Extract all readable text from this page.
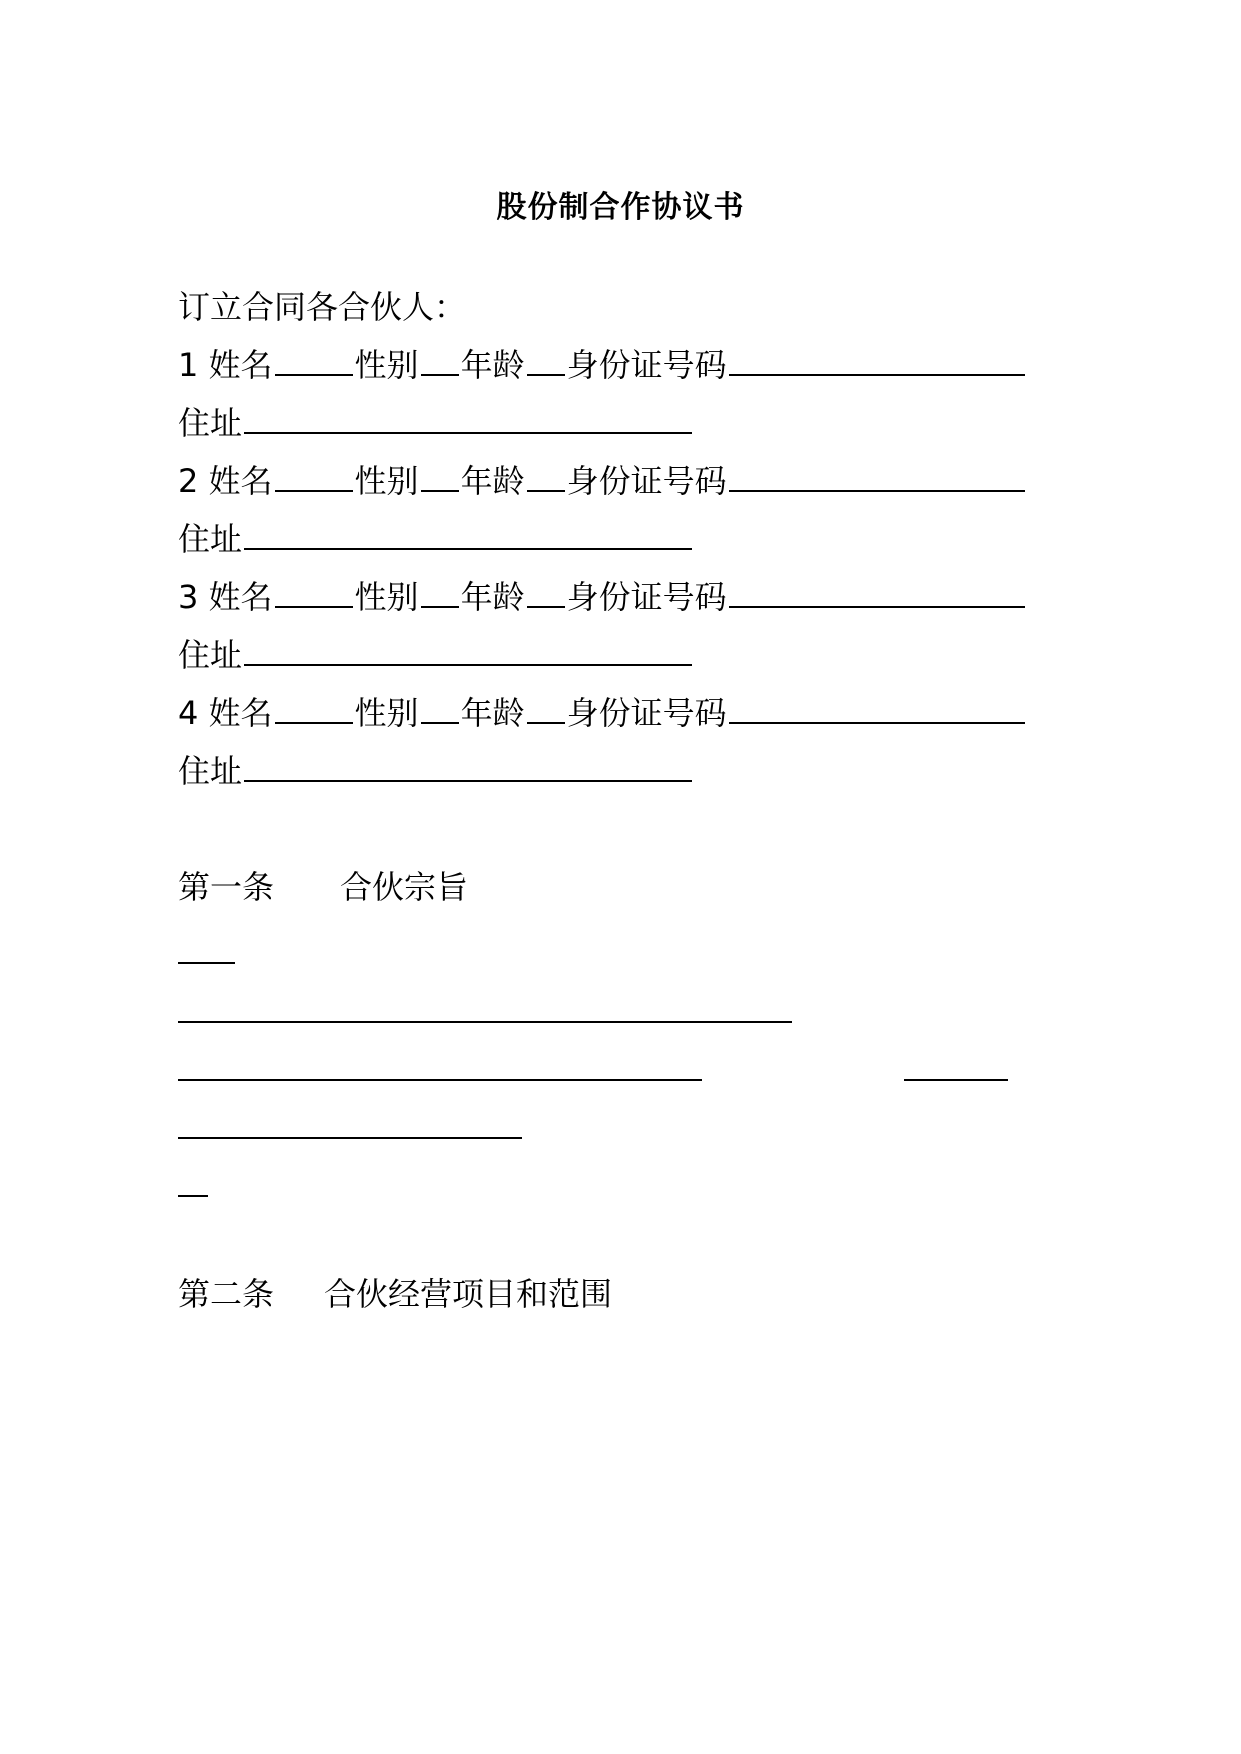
股份制合作协议书
订立合同各合伙人：
1 姓名	性别 年龄 身份证号码
住址
2 姓名	性别 年龄 身份证号码
住址
3 姓名	性别 年龄 身份证号码
住址
4 姓名	性别 年龄 身份证号码
住址
第一条 合伙宗旨
第二条 合伙经营项目和范围
